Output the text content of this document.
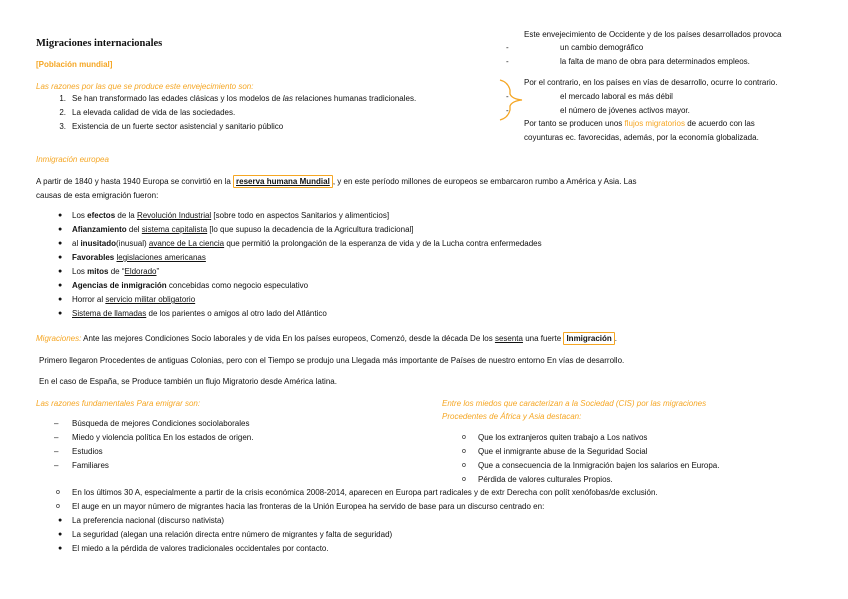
Migraciones internacionales
[Población mundial]
Las razones por las que se produce este envejecimiento son:
1. Se han transformado las edades clásicas y los modelos de las relaciones humanas tradicionales.
2. La elevada calidad de vida de las sociedades.
3. Existencia de un fuerte sector asistencial y sanitario público
Este envejecimiento de Occidente y de los países desarrollados provoca
-	un cambio demográfico
-	la falta de mano de obra para determinados empleos.
Por el contrario, en los países en vías de desarrollo, ocurre lo contrario.
-	el mercado laboral es más débil
-	el número de jóvenes activos mayor.
Por tanto se producen unos flujos migratorios de acuerdo con las
coyunturas ec. favorecidas, además, por la economía globalizada.
Inmigración europea
A partir de 1840 y hasta 1940 Europa se convirtió en la reserva humana Mundial , y en este período millones de europeos se embarcaron rumbo a América y Asia. Las
causas de esta emigración fueron:
● Los efectos de la Revolución Industrial [sobre todo en aspectos Sanitarios y alimenticios]
● Afianzamiento del sistema capitalista [lo que supuso la decadencia de la Agricultura tradicional]
● al inusitado(inusual) avance de La ciencia que permitió la prolongación de la esperanza de vida y de la Lucha contra enfermedades
● Favorables legislaciones americanas
● Los mitos de “Eldorado”
● Agencias de inmigración concebidas como negocio especulativo
● Horror al servicio militar obligatorio
● Sistema de llamadas de los parientes o amigos al otro lado del Atlántico
Migraciones: Ante las mejores Condiciones Socio laborales y de vida En los países europeos, Comenzó, desde la década De los sesenta una fuerte Inmigración .
Primero llegaron Procedentes de antiguas Colonias, pero con el Tiempo se produjo una Llegada más importante de Países de nuestro entorno En vías de desarrollo.
En el caso de España, se Produce también un flujo Migratorio desde América latina.
Las razones fundamentales Para emigrar son:
– Búsqueda de mejores Condiciones sociolaborales
– Miedo y violencia política En los estados de origen.
– Estudios
– Familiares
Entre los miedos que caracterizan a la Sociedad (CIS) por las migraciones
Procedentes de África y Asia destacan:
o Que los extranjeros quiten trabajo a Los nativos
o Que el inmigrante abuse de la Seguridad Social
o Que a consecuencia de la Inmigración bajen los salarios en Europa.
o Pérdida de valores culturales Propios.
o En los últimos 30 A, especialmente a partir de la crisis económica 2008-2014, aparecen en Europa part radicales y de extr Derecha con polít xenófobas/de exclusión.
o El auge en un mayor número de migrantes hacia las fronteras de la Unión Europea ha servido de base para un discurso centrado en:
● La preferencia nacional (discurso nativista)
● La seguridad (alegan una relación directa entre número de migrantes y falta de seguridad)
● El miedo a la pérdida de valores tradicionales occidentales por contacto.
